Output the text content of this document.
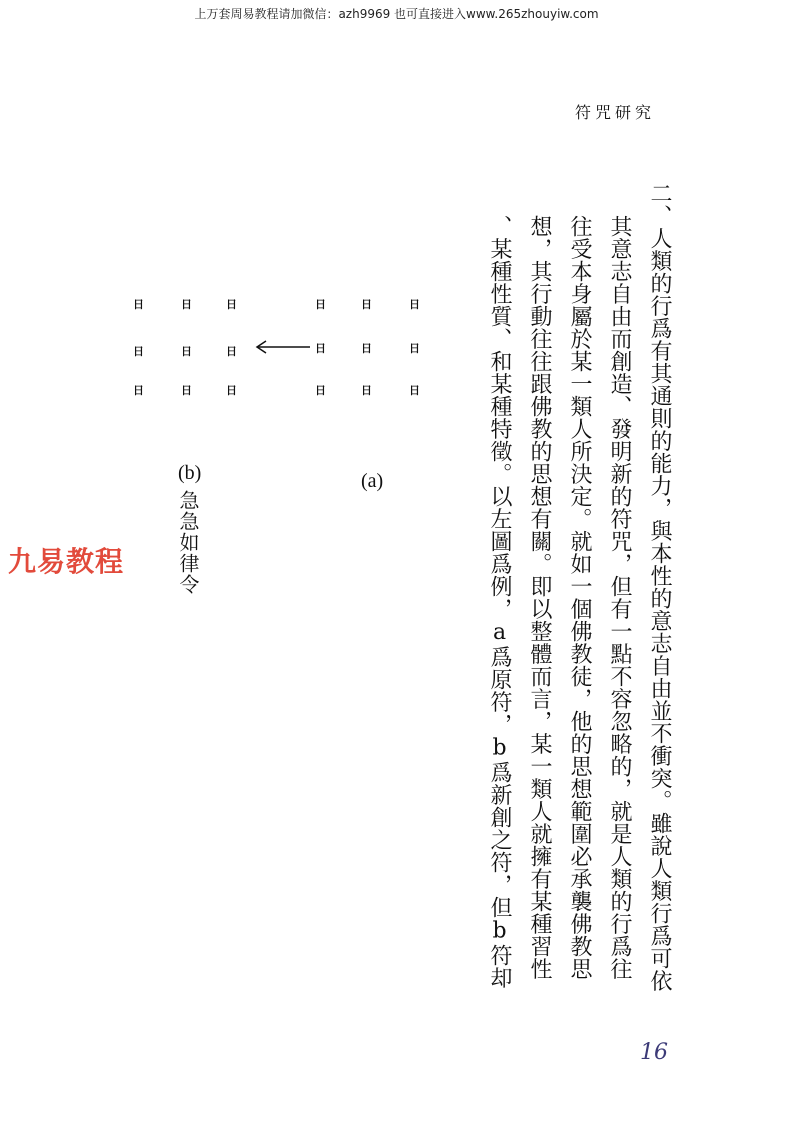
上万套周易教程请加微信：azh9969 也可直接进入www.265zhouyiw.com
符咒研究
二、人類的行爲有其通則的能力，與本性的意志自由並不衝突。雖說人類行爲可依
其意志自由而創造、發明新的符咒，但有一點不容忽略的，就是人類的行爲往
往受本身屬於某一類人所決定。就如一個佛教徒，他的思想範圍必承襲佛教思
想，其行動往往跟佛教的思想有關。即以整體而言，某一類人就擁有某種習性
、某種性質、和某種特徵。以左圖爲例，a爲原符，b爲新創之符，但b符却
日	日	日
日	日	日
日	日	日
(a)
日	日	日
日	日	日
日	日	日
(b)
急急如律令
九易教程
16
